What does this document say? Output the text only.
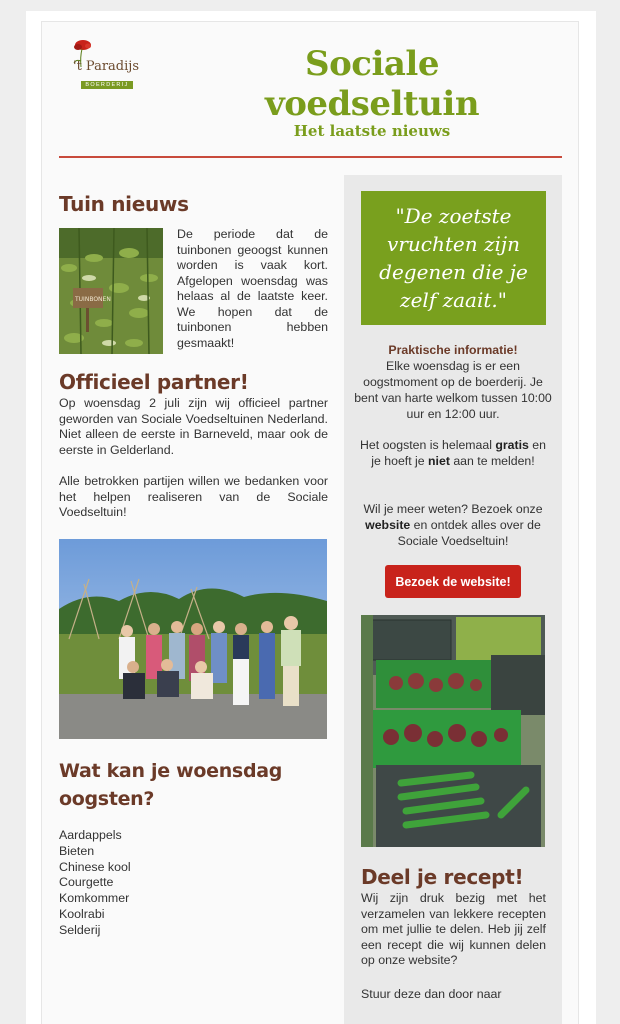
't Paradijs
BOERDERIJ
Sociale voedseltuin
Het laatste nieuws
Tuin nieuws
TUINBONEN
De periode dat de tuinbonen geoogst kunnen worden is vaak kort. Afgelopen woensdag was helaas al de laatste keer. We hopen dat de tuinbonen hebben gesmaakt!
Officieel partner!
Op woensdag 2 juli zijn wij officieel partner geworden van Sociale Voedseltuinen Nederland. Niet alleen de eerste in Barneveld, maar ook de eerste in Gelderland.
Alle betrokken partijen willen we bedanken voor het helpen realiseren van de Sociale Voedseltuin!
Wat kan je woensdag oogsten?
Aardappels
Bieten
Chinese kool
Courgette
Komkommer
Koolrabi
Selderij
"De zoetste vruchten zijn degenen die je zelf zaait."
Praktische informatie!
Elke woensdag is er een oogstmoment op de boerderij. Je bent van harte welkom tussen 10:00 uur en 12:00 uur.
Het oogsten is helemaal gratis en je hoeft je niet aan te melden!
Wil je meer weten? Bezoek onze website en ontdek alles over de Sociale Voedseltuin!
Bezoek de website!
Deel je recept!
Wij zijn druk bezig met het verzamelen van lekkere recepten om met jullie te delen. Heb jij zelf een recept die wij kunnen delen op onze website?
Stuur deze dan door naar
